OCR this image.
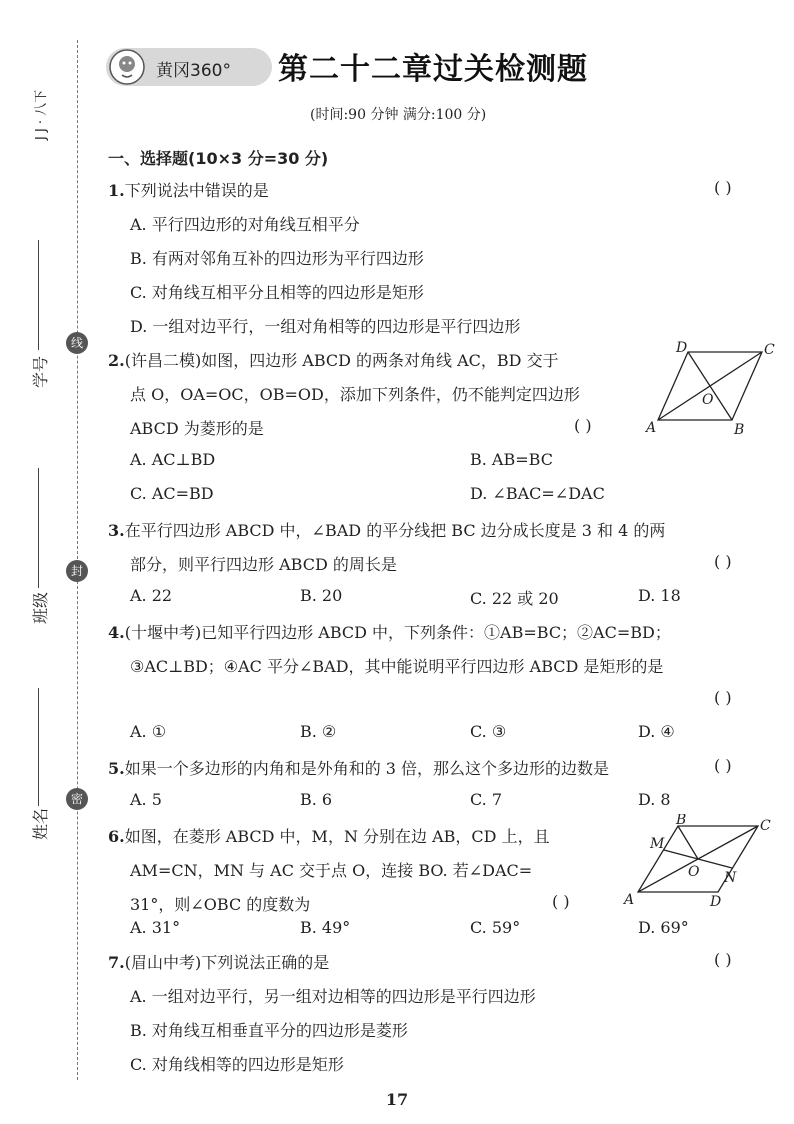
J J · 八下
学号
班级
姓名
线
封
密
黄冈360° 第二十二章过关检测题
(时间:90 分钟 满分:100 分)
一、选择题(10×3 分=30 分)
1.下列说法中错误的是	( )
A. 平行四边形的对角线互相平分
B. 有两对邻角互补的四边形为平行四边形
C. 对角线互相平分且相等的四边形是矩形
D. 一组对边平行，一组对角相等的四边形是平行四边形
2.(许昌二模)如图，四边形 ABCD 的两条对角线 AC，BD 交于
点 O，OA=OC，OB=OD，添加下列条件，仍不能判定四边形
ABCD 为菱形的是	( )
A. AC⊥BD	B. AB=BC
C. AC=BD	D. ∠BAC=∠DAC
A	B
C
D
O
3.在平行四边形 ABCD 中，∠BAD 的平分线把 BC 边分成长度是 3 和 4 的两
部分，则平行四边形 ABCD 的周长是	( )
A. 22	B. 20	C. 22 或 20	D. 18
4.(十堰中考)已知平行四边形 ABCD 中，下列条件：①AB=BC；②AC=BD；
③AC⊥BD；④AC 平分∠BAD，其中能说明平行四边形 ABCD 是矩形的是
( )
A. ①	B. ②	C. ③	D. ④
5.如果一个多边形的内角和是外角和的 3 倍，那么这个多边形的边数是	( )
A. 5	B. 6	C. 7	D. 8
6.如图，在菱形 ABCD 中，M，N 分别在边 AB，CD 上，且
AM=CN，MN 与 AC 交于点 O，连接 BO. 若∠DAC=
31°，则∠OBC 的度数为	( )
A. 31°	B. 49°	C. 59°	D. 69°
A
B	C
D
M
N
O
7.(眉山中考)下列说法正确的是	( )
A. 一组对边平行，另一组对边相等的四边形是平行四边形
B. 对角线互相垂直平分的四边形是菱形
C. 对角线相等的四边形是矩形
17
